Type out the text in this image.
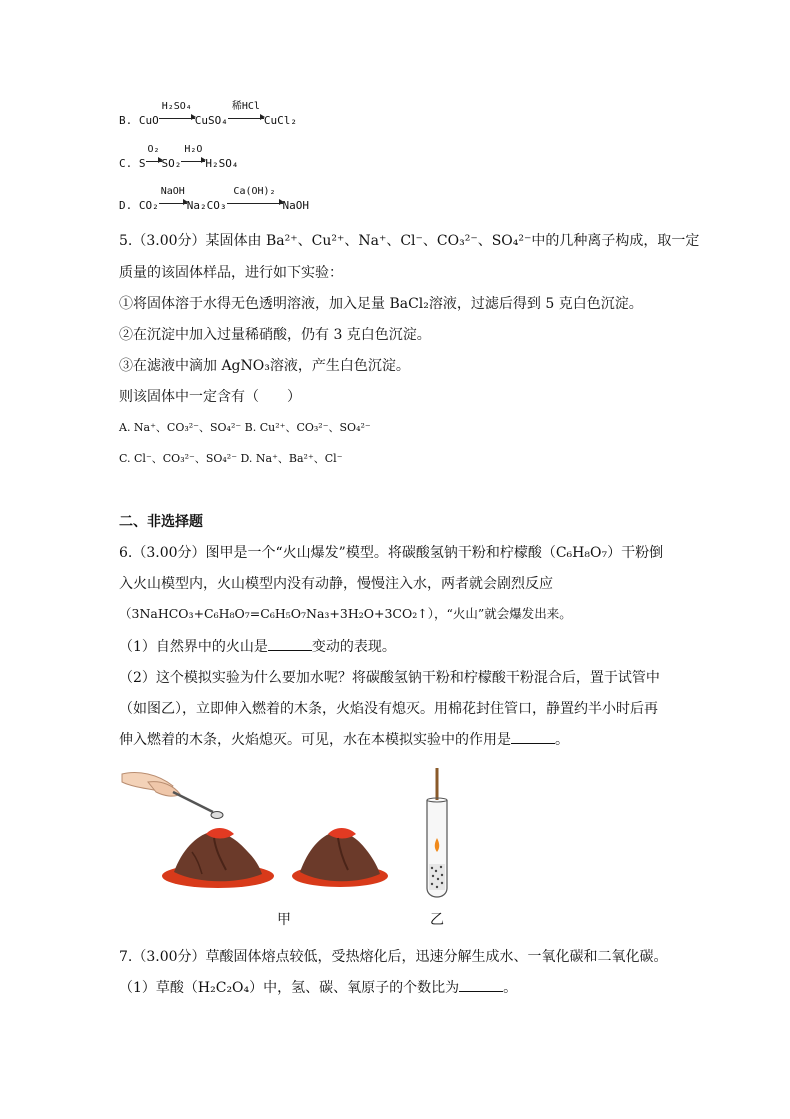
B. CuO
H₂SO₄
CuSO₄
稀HCl
CuCl₂
C. S
O₂
SO₂
H₂O
H₂SO₄
D. CO₂
NaOH
Na₂CO₃
Ca(OH)₂
NaOH
5.（3.00分）某固体由 Ba²⁺、Cu²⁺、Na⁺、Cl⁻、CO₃²⁻、SO₄²⁻中的几种离子构成，取一定
质量的该固体样品，进行如下实验：
①将固体溶于水得无色透明溶液，加入足量 BaCl₂溶液，过滤后得到 5 克白色沉淀。
②在沉淀中加入过量稀硝酸，仍有 3 克白色沉淀。
③在滤液中滴加 AgNO₃溶液，产生白色沉淀。
则该固体中一定含有（　　）
A. Na⁺、CO₃²⁻、SO₄²⁻ B. Cu²⁺、CO₃²⁻、SO₄²⁻
C. Cl⁻、CO₃²⁻、SO₄²⁻ D. Na⁺、Ba²⁺、Cl⁻
二、非选择题
6.（3.00分）图甲是一个“火山爆发”模型。将碳酸氢钠干粉和柠檬酸（C₆H₈O₇）干粉倒
入火山模型内，火山模型内没有动静，慢慢注入水，两者就会剧烈反应
（3NaHCO₃+C₆H₈O₇=C₆H₅O₇Na₃+3H₂O+3CO₂↑），“火山”就会爆发出来。
（1）自然界中的火山是	变动的表现。
（2）这个模拟实验为什么要加水呢？将碳酸氢钠干粉和柠檬酸干粉混合后，置于试管中
（如图乙），立即伸入燃着的木条，火焰没有熄灭。用棉花封住管口，静置约半小时后再
伸入燃着的木条，火焰熄灭。可见，水在本模拟实验中的作用是	。
甲	乙
7.（3.00分）草酸固体熔点较低，受热熔化后，迅速分解生成水、一氧化碳和二氧化碳。
（1）草酸（H₂C₂O₄）中，氢、碳、氧原子的个数比为	。
